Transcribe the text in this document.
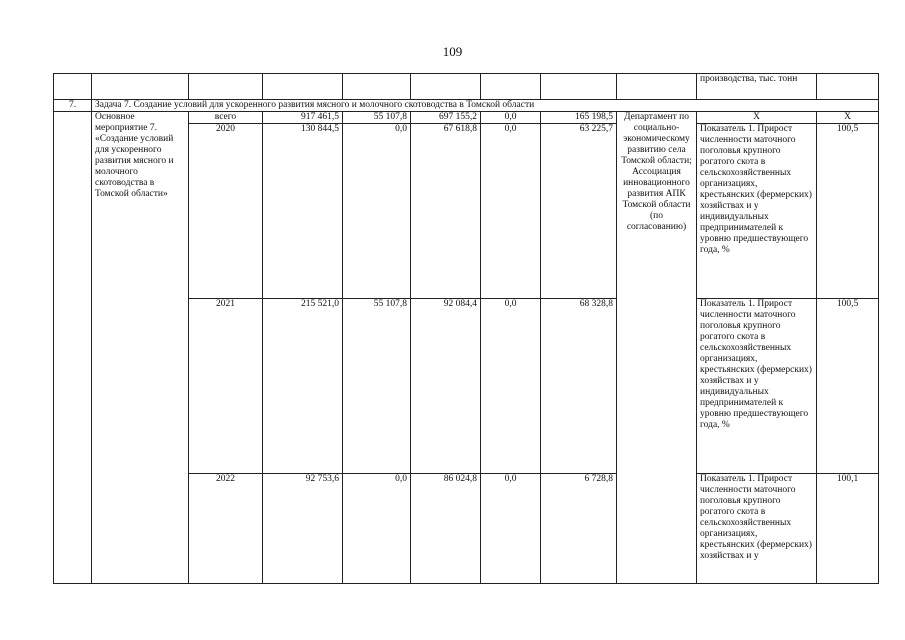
109
									производства, тыс. тонн	
7.	Задача 7. Создание условий для ускоренного развития мясного и молочного скотоводства в Томской области									
	Основное мероприятие 7. «Создание условий для ускоренного развития мясного и молочного скотоводства в Томской области»	всего	917 461,5	55 107,8	697 155,2	0,0	165 198,5	Департамент по социально-экономическому развитию села Томской области; Ассоциация инновационного развития АПК Томской области (по согласованию)	Х	Х
		2020	130 844,5	0,0	67 618,8	0,0	63 225,7		Показатель 1. Прирост численности маточного поголовья крупного рогатого скота в сельскохозяйственных организациях, крестьянских (фермерских) хозяйствах и у индивидуальных предпринимателей к уровню предшествующего года, %	100,5
		2021	215 521,0	55 107,8	92 084,4	0,0	68 328,8		Показатель 1. Прирост численности маточного поголовья крупного рогатого скота в сельскохозяйственных организациях, крестьянских (фермерских) хозяйствах и у индивидуальных предпринимателей к уровню предшествующего года, %	100,5
		2022	92 753,6	0,0	86 024,8	0,0	6 728,8		Показатель 1. Прирост численности маточного поголовья крупного рогатого скота в сельскохозяйственных организациях, крестьянских (фермерских) хозяйствах и у	100,1
